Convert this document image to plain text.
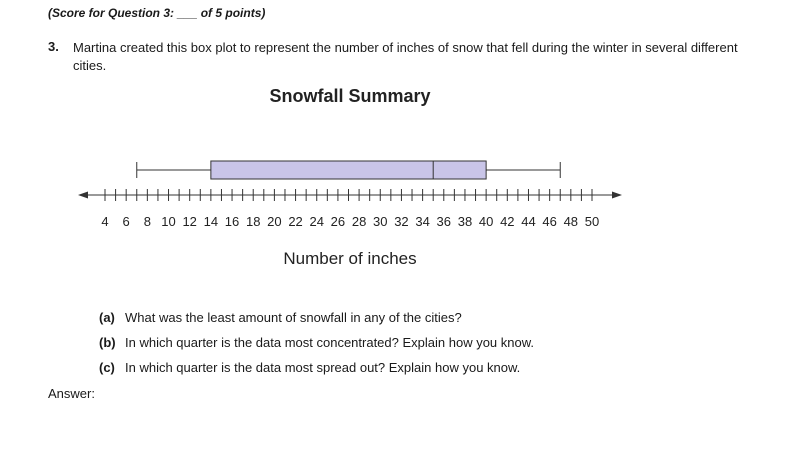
(Score for Question 3: ___ of 5 points)
3. Martina created this box plot to represent the number of inches of snow that fell during the winter in several different cities.
Snowfall Summary
4 6 8 10 12 14 16 18 20 22 24 26 28 30 32 34 36 38 40 42 44 46 48 50
Number of inches
(a) What was the least amount of snowfall in any of the cities?
(b) In which quarter is the data most concentrated? Explain how you know.
(c) In which quarter is the data most spread out? Explain how you know.
Answer:
